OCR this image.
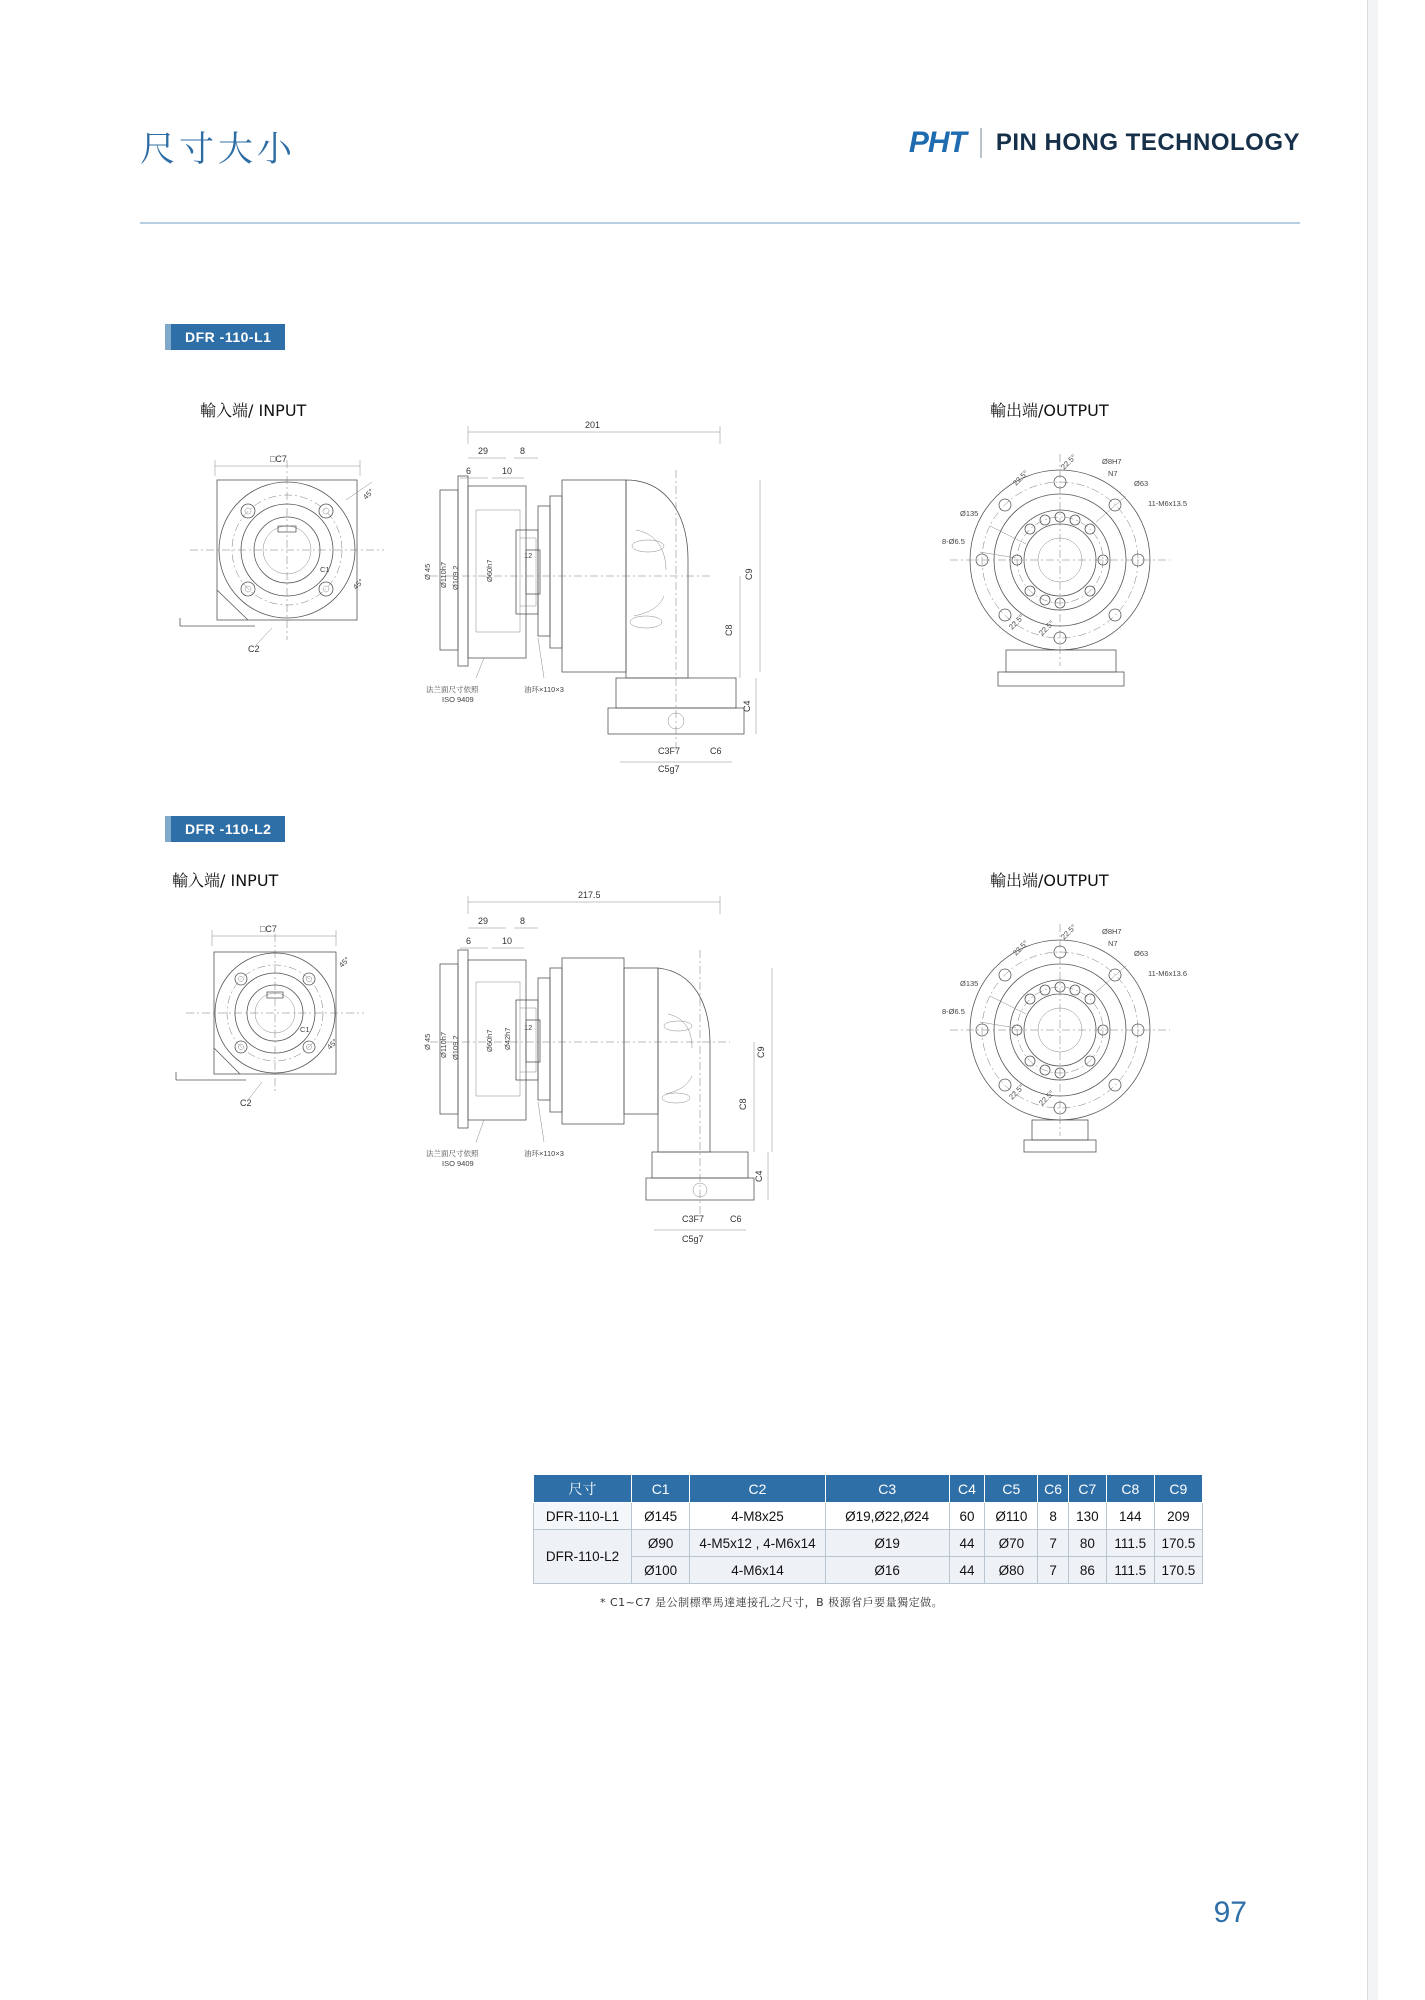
尺寸大小	PHT PIN HONG TECHNOLOGY
DFR -110-L1
輸入端/ INPUT	輸出端/OUTPUT
□C7
45°
45°
C1
C2
201
29	8
6	10
C9
C8
C4
Ø 45 Ø110h7 Ø109.2	Ø60h7
12
C3F7	C6
C5g7
法兰面尺寸依照
ISO 9409
油环×110×3
Ø8H7
N7
Ø63
11-M6x13.5
Ø135
8-Ø6.5
22.5°
22.5°
22.5° 22.5°
DFR -110-L2
輸入端/ INPUT	輸出端/OUTPUT
□C7
45°
45°
C1
C2
217.5
29	8
6	10
C9
C8
C4
Ø 45 Ø110h7 Ø109.2	Ø60h7 Ø42h7 12
C3F7	C6
C5g7
法兰面尺寸依照
ISO 9409
油环×110×3
Ø8H7
N7
Ø63
11-M6x13.6
Ø135
8-Ø6.5
22.5°
22.5°
22.5° 22.5°
尺寸	C1	C2	C3	C4	C5	C6	C7	C8	C9
DFR-110-L1	Ø145	4-M8x25	Ø19,Ø22,Ø24	60	Ø110	8	130	144	209
DFR-110-L2	Ø90	4-M5x12 , 4-M6x14	Ø19	44	Ø70	7	80	111.5	170.5
	Ø100	4-M6x14	Ø16	44	Ø80	7	86	111.5	170.5
* C1~C7 是公制標準馬達連接孔之尺寸，B 极源省戶要量獨定做。
97
